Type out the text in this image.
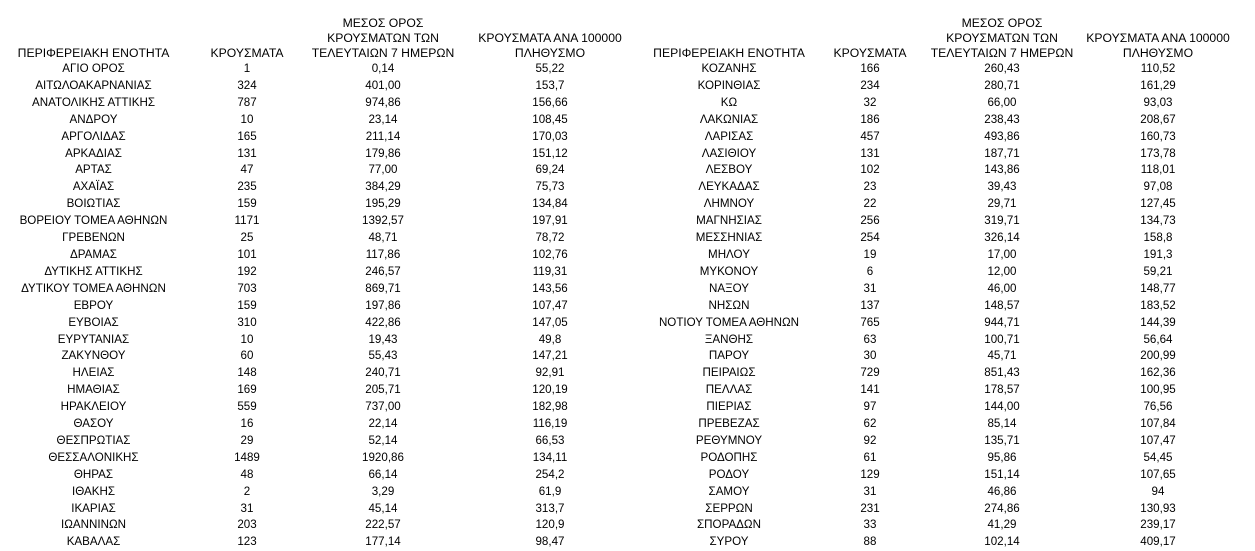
ΠΕΡΙΦΕΡΕΙΑΚΗ ΕΝΟΤΗΤΑ	ΚΡΟΥΣΜΑΤΑ	ΜΕΣΟΣ ΟΡΟΣ ΚΡΟΥΣΜΑΤΩΝ ΤΩΝ ΤΕΛΕΥΤΑΙΩΝ 7 ΗΜΕΡΩΝ	ΚΡΟΥΣΜΑΤΑ ΑΝΑ 100000 ΠΛΗΘΥΣΜΟ
ΑΓΙΟ ΟΡΟΣ	1	0,14	55,22
ΑΙΤΩΛΟΑΚΑΡΝΑΝΙΑΣ	324	401,00	153,7
ΑΝΑΤΟΛΙΚΗΣ ΑΤΤΙΚΗΣ	787	974,86	156,66
ΑΝΔΡΟΥ	10	23,14	108,45
ΑΡΓΟΛΙΔΑΣ	165	211,14	170,03
ΑΡΚΑΔΙΑΣ	131	179,86	151,12
ΑΡΤΑΣ	47	77,00	69,24
ΑΧΑΪΑΣ	235	384,29	75,73
ΒΟΙΩΤΙΑΣ	159	195,29	134,84
ΒΟΡΕΙΟΥ ΤΟΜΕΑ ΑΘΗΝΩΝ	1171	1392,57	197,91
ΓΡΕΒΕΝΩΝ	25	48,71	78,72
ΔΡΑΜΑΣ	101	117,86	102,76
ΔΥΤΙΚΗΣ ΑΤΤΙΚΗΣ	192	246,57	119,31
ΔΥΤΙΚΟΥ ΤΟΜΕΑ ΑΘΗΝΩΝ	703	869,71	143,56
ΕΒΡΟΥ	159	197,86	107,47
ΕΥΒΟΙΑΣ	310	422,86	147,05
ΕΥΡΥΤΑΝΙΑΣ	10	19,43	49,8
ΖΑΚΥΝΘΟΥ	60	55,43	147,21
ΗΛΕΙΑΣ	148	240,71	92,91
ΗΜΑΘΙΑΣ	169	205,71	120,19
ΗΡΑΚΛΕΙΟΥ	559	737,00	182,98
ΘΑΣΟΥ	16	22,14	116,19
ΘΕΣΠΡΩΤΙΑΣ	29	52,14	66,53
ΘΕΣΣΑΛΟΝΙΚΗΣ	1489	1920,86	134,11
ΘΗΡΑΣ	48	66,14	254,2
ΙΘΑΚΗΣ	2	3,29	61,9
ΙΚΑΡΙΑΣ	31	45,14	313,7
ΙΩΑΝΝΙΝΩΝ	203	222,57	120,9
ΚΑΒΑΛΑΣ	123	177,14	98,47
ΠΕΡΙΦΕΡΕΙΑΚΗ ΕΝΟΤΗΤΑ	ΚΡΟΥΣΜΑΤΑ	ΜΕΣΟΣ ΟΡΟΣ ΚΡΟΥΣΜΑΤΩΝ ΤΩΝ ΤΕΛΕΥΤΑΙΩΝ 7 ΗΜΕΡΩΝ	ΚΡΟΥΣΜΑΤΑ ΑΝΑ 100000 ΠΛΗΘΥΣΜΟ
ΚΟΖΑΝΗΣ	166	260,43	110,52
ΚΟΡΙΝΘΙΑΣ	234	280,71	161,29
ΚΩ	32	66,00	93,03
ΛΑΚΩΝΙΑΣ	186	238,43	208,67
ΛΑΡΙΣΑΣ	457	493,86	160,73
ΛΑΣΙΘΙΟΥ	131	187,71	173,78
ΛΕΣΒΟΥ	102	143,86	118,01
ΛΕΥΚΑΔΑΣ	23	39,43	97,08
ΛΗΜΝΟΥ	22	29,71	127,45
ΜΑΓΝΗΣΙΑΣ	256	319,71	134,73
ΜΕΣΣΗΝΙΑΣ	254	326,14	158,8
ΜΗΛΟΥ	19	17,00	191,3
ΜΥΚΟΝΟΥ	6	12,00	59,21
ΝΑΞΟΥ	31	46,00	148,77
ΝΗΣΩΝ	137	148,57	183,52
ΝΟΤΙΟΥ ΤΟΜΕΑ ΑΘΗΝΩΝ	765	944,71	144,39
ΞΑΝΘΗΣ	63	100,71	56,64
ΠΑΡΟΥ	30	45,71	200,99
ΠΕΙΡΑΙΩΣ	729	851,43	162,36
ΠΕΛΛΑΣ	141	178,57	100,95
ΠΙΕΡΙΑΣ	97	144,00	76,56
ΠΡΕΒΕΖΑΣ	62	85,14	107,84
ΡΕΘΥΜΝΟΥ	92	135,71	107,47
ΡΟΔΟΠΗΣ	61	95,86	54,45
ΡΟΔΟΥ	129	151,14	107,65
ΣΑΜΟΥ	31	46,86	94
ΣΕΡΡΩΝ	231	274,86	130,93
ΣΠΟΡΑΔΩΝ	33	41,29	239,17
ΣΥΡΟΥ	88	102,14	409,17
